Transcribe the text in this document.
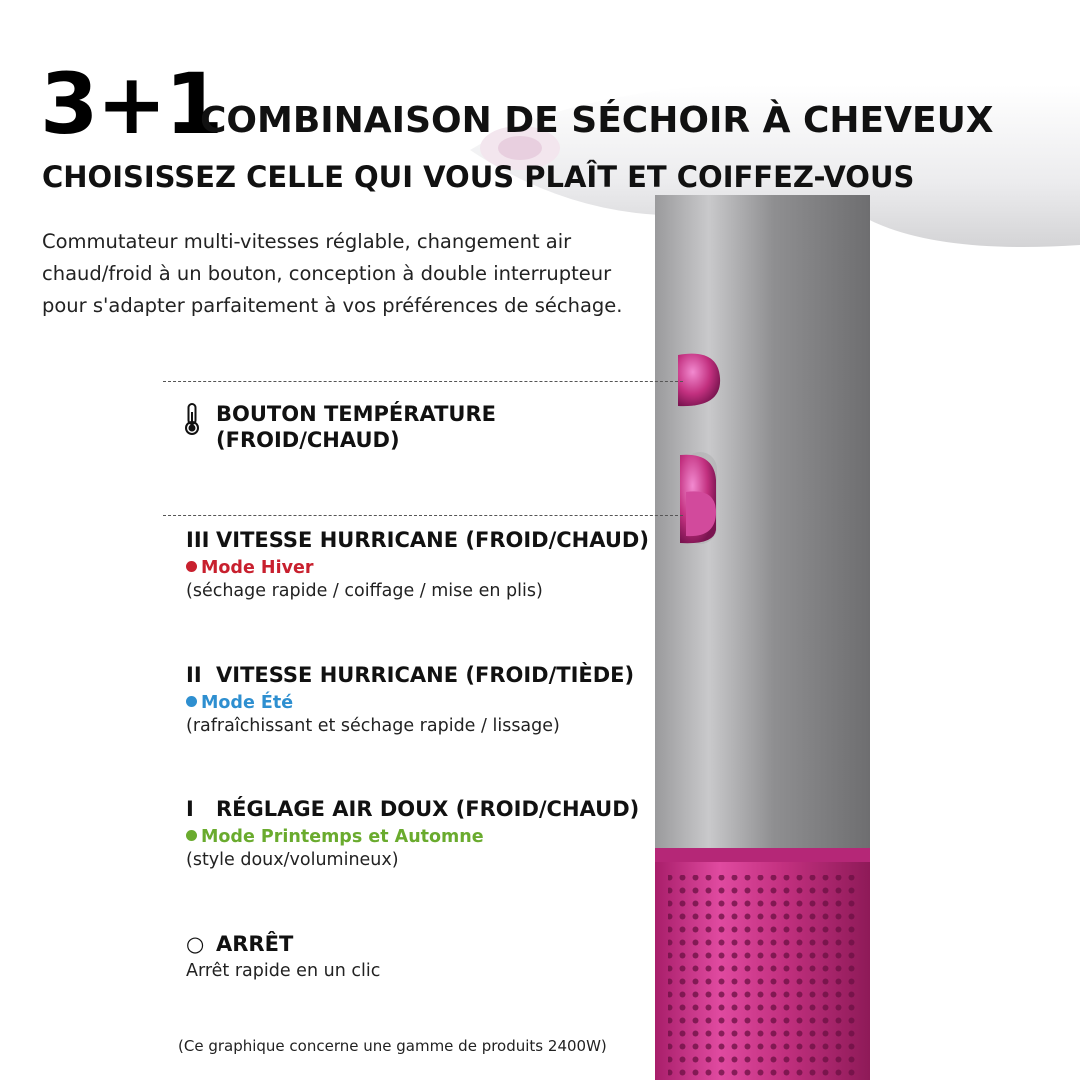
3+1
COMBINAISON DE SÉCHOIR À CHEVEUX
CHOISISSEZ CELLE QUI VOUS PLAÎT ET COIFFEZ-VOUS
Commutateur multi-vitesses réglable, changement air chaud/froid à un bouton, conception à double interrupteur pour s'adapter parfaitement à vos préférences de séchage.
BOUTON TEMPÉRATURE
(FROID/CHAUD)
III VITESSE HURRICANE (FROID/CHAUD)
Mode Hiver
(séchage rapide / coiffage / mise en plis)
II VITESSE HURRICANE (FROID/TIÈDE)
Mode Été
(rafraîchissant et séchage rapide / lissage)
I RÉGLAGE AIR DOUX (FROID/CHAUD)
Mode Printemps et Automne
(style doux/volumineux)
○ ARRÊT
Arrêt rapide en un clic
(Ce graphique concerne une gamme de produits 2400W)
